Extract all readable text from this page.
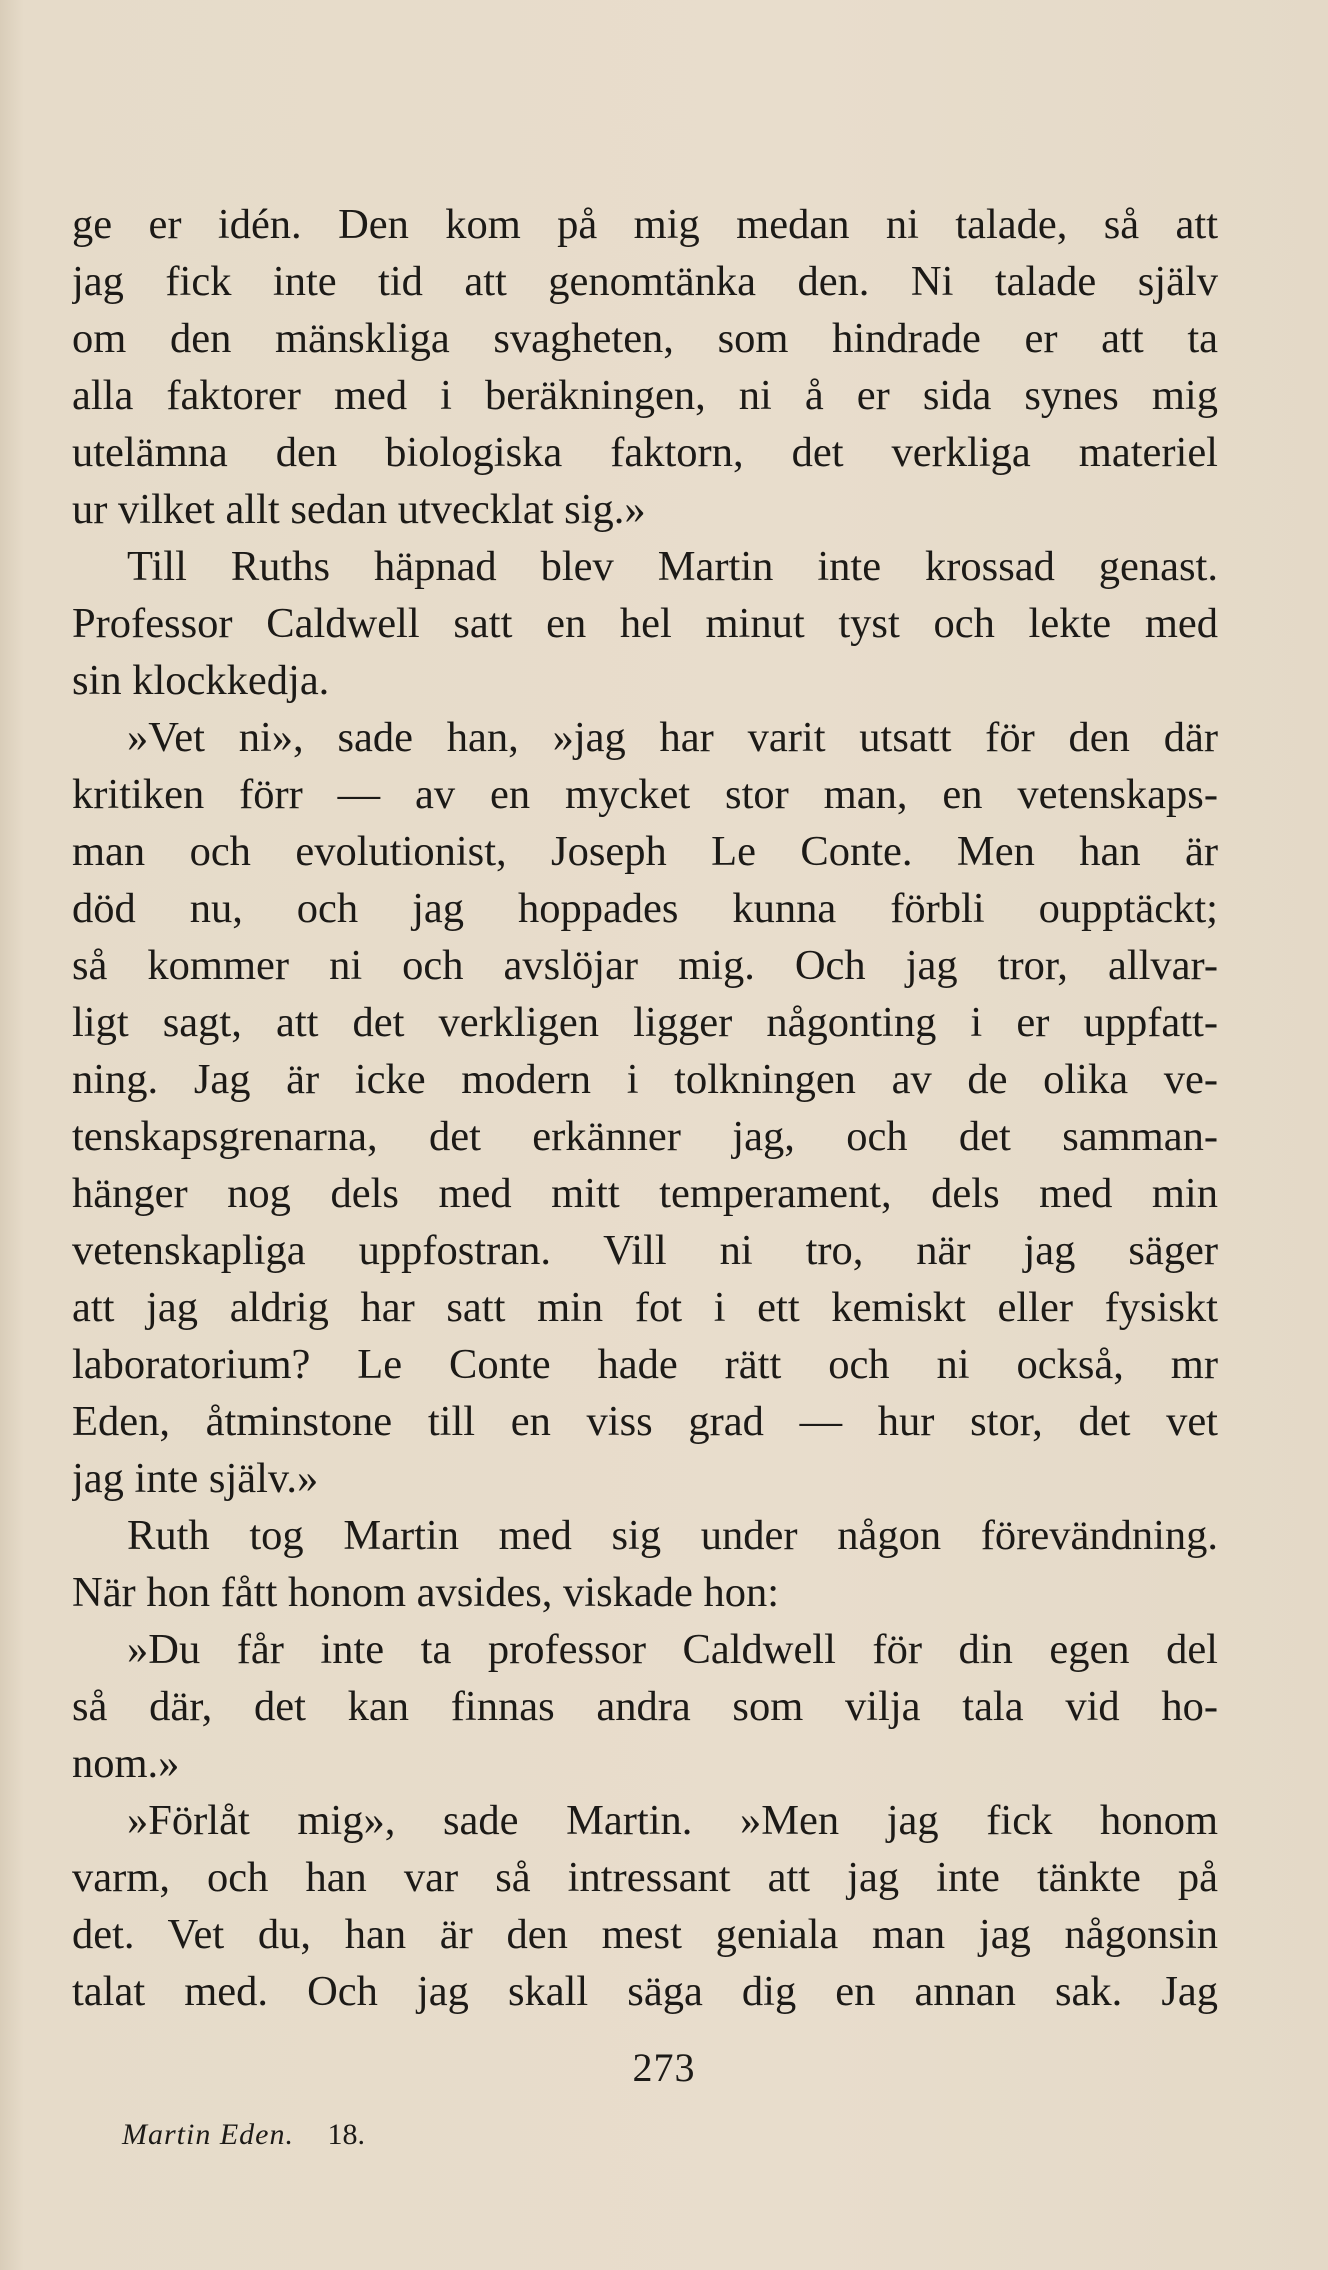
ge er idén. Den kom på mig medan ni talade, så att
jag fick inte tid att genomtänka den. Ni talade själv
om den mänskliga svagheten, som hindrade er att ta
alla faktorer med i beräkningen, ni å er sida synes mig
utelämna den biologiska faktorn, det verkliga materiel
ur vilket allt sedan utvecklat sig.»
Till Ruths häpnad blev Martin inte krossad genast.
Professor Caldwell satt en hel minut tyst och lekte med
sin klockkedja.
»Vet ni», sade han, »jag har varit utsatt för den där
kritiken förr — av en mycket stor man, en vetenskaps-
man och evolutionist, Joseph Le Conte. Men han är
död nu, och jag hoppades kunna förbli oupptäckt;
så kommer ni och avslöjar mig. Och jag tror, allvar-
ligt sagt, att det verkligen ligger någonting i er uppfatt-
ning. Jag är icke modern i tolkningen av de olika ve-
tenskapsgrenarna, det erkänner jag, och det samman-
hänger nog dels med mitt temperament, dels med min
vetenskapliga uppfostran. Vill ni tro, när jag säger
att jag aldrig har satt min fot i ett kemiskt eller fysiskt
laboratorium? Le Conte hade rätt och ni också, mr
Eden, åtminstone till en viss grad — hur stor, det vet
jag inte själv.»
Ruth tog Martin med sig under någon förevändning.
När hon fått honom avsides, viskade hon:
»Du får inte ta professor Caldwell för din egen del
så där, det kan finnas andra som vilja tala vid ho-
nom.»
»Förlåt mig», sade Martin. »Men jag fick honom
varm, och han var så intressant att jag inte tänkte på
det. Vet du, han är den mest geniala man jag någonsin
talat med. Och jag skall säga dig en annan sak. Jag
273
Martin Eden. 18.
